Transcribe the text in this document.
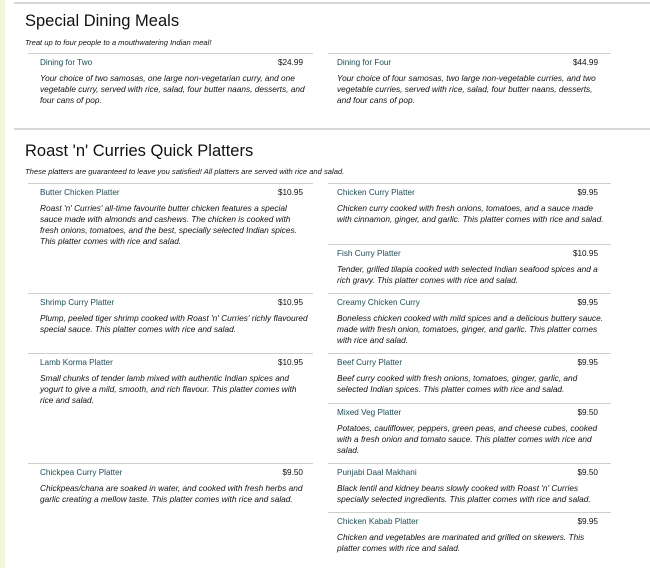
Special Dining Meals
Treat up to four people to a mouthwatering Indian meal!
Roast 'n' Curries Quick Platters
These platters are guaranteed to leave you satisfied! All platters are served with rice and salad.
Dining for Two	$24.99
Your choice of two samosas, one large non-vegetarian curry, and one vegetable curry, served with rice, salad, four butter naans, desserts, and four cans of pop.
Dining for Four	$44.99
Your choice of four samosas, two large non-vegetable curries, and two vegetable curries, served with rice, salad, four butter naans, desserts, and four cans of pop.
Butter Chicken Platter	$10.95
Roast 'n' Curries' all-time favourite butter chicken features a special sauce made with almonds and cashews. The chicken is cooked with fresh onions, tomatoes, and the best, specially selected Indian spices. This platter comes with rice and salad.
Chicken Curry Platter	$9.95
Chicken curry cooked with fresh onions, tomatoes, and a sauce made with cinnamon, ginger, and garlic. This platter comes with rice and salad.
Fish Curry Platter	$10.95
Tender, grilled tilapia cooked with selected Indian seafood spices and a rich gravy. This platter comes with rice and salad.
Shrimp Curry Platter	$10.95
Plump, peeled tiger shrimp cooked with Roast 'n' Curries' richly flavoured special sauce. This platter comes with rice and salad.
Creamy Chicken Curry	$9.95
Boneless chicken cooked with mild spices and a delicious buttery sauce. made with fresh onion, tomatoes, ginger, and garlic. This platter comes with rice and salad.
Lamb Korma Platter	$10.95
Small chunks of tender lamb mixed with authentic Indian spices and yogurt to give a mild, smooth, and rich flavour. This platter comes with rice and salad.
Beef Curry Platter	$9.95
Beef curry cooked with fresh onions, tomatoes, ginger, garlic, and selected Indian spices. This platter comes with rice and salad.
Mixed Veg Platter	$9.50
Potatoes, cauliflower, peppers, green peas, and cheese cubes, cooked with a fresh onion and tomato sauce. This platter comes with rice and salad.
Chickpea Curry Platter	$9.50
Chickpeas/chana are soaked in water, and cooked with fresh herbs and garlic creating a mellow taste. This platter comes with rice and salad.
Punjabi Daal Makhani	$9.50
Black lentil and kidney beans slowly cooked with Roast 'n' Curries specially selected ingredients. This platter comes with rice and salad.
Chicken Kabab Platter	$9.95
Chicken and vegetables are marinated and grilled on skewers. This platter comes with rice and salad.
